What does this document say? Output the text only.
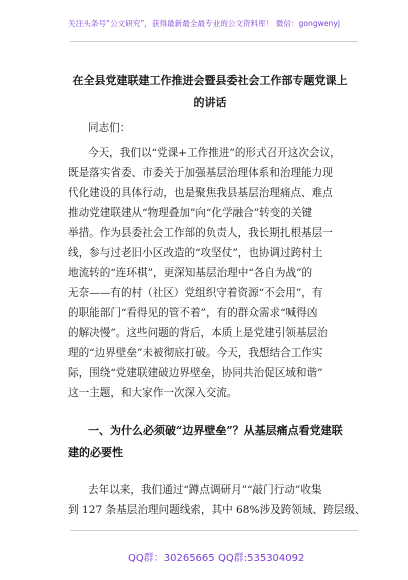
关注头条号“公文研究”，获得最新最全最专业的公文资料库！ 微信：gongwenyj
在全县党建联建工作推进会暨县委社会工作部专题党课上
的讲话
同志们：
今天，我们以“党课+工作推进”的形式召开这次会议，
既是落实省委、市委关于加强基层治理体系和治理能力现
代化建设的具体行动，也是聚焦我县基层治理痛点、难点
推动党建联建从“物理叠加”向“化学融合”转变的关键
举措。作为县委社会工作部的负责人，我长期扎根基层一
线，参与过老旧小区改造的“攻坚仗”，也协调过跨村土
地流转的“连环棋”，更深知基层治理中“各自为战”的
无奈——有的村（社区）党组织守着资源“不会用”，有
的职能部门“看得见的管不着”，有的群众需求“喊得凶
的解决慢”。这些问题的背后，本质上是党建引领基层治
理的“边界壁垒”未被彻底打破。今天，我想结合工作实
际，围绕“党建联建破边界壁垒，协同共治促区域和谐”
这一主题，和大家作一次深入交流。
一、为什么必须破“边界壁垒”？从基层痛点看党建联
建的必要性
去年以来，我们通过“蹲点调研月”“敲门行动”收集
到 127 条基层治理问题线索，其中 68%涉及跨领域、跨层级、
QQ群：30265665 QQ群:535304092
